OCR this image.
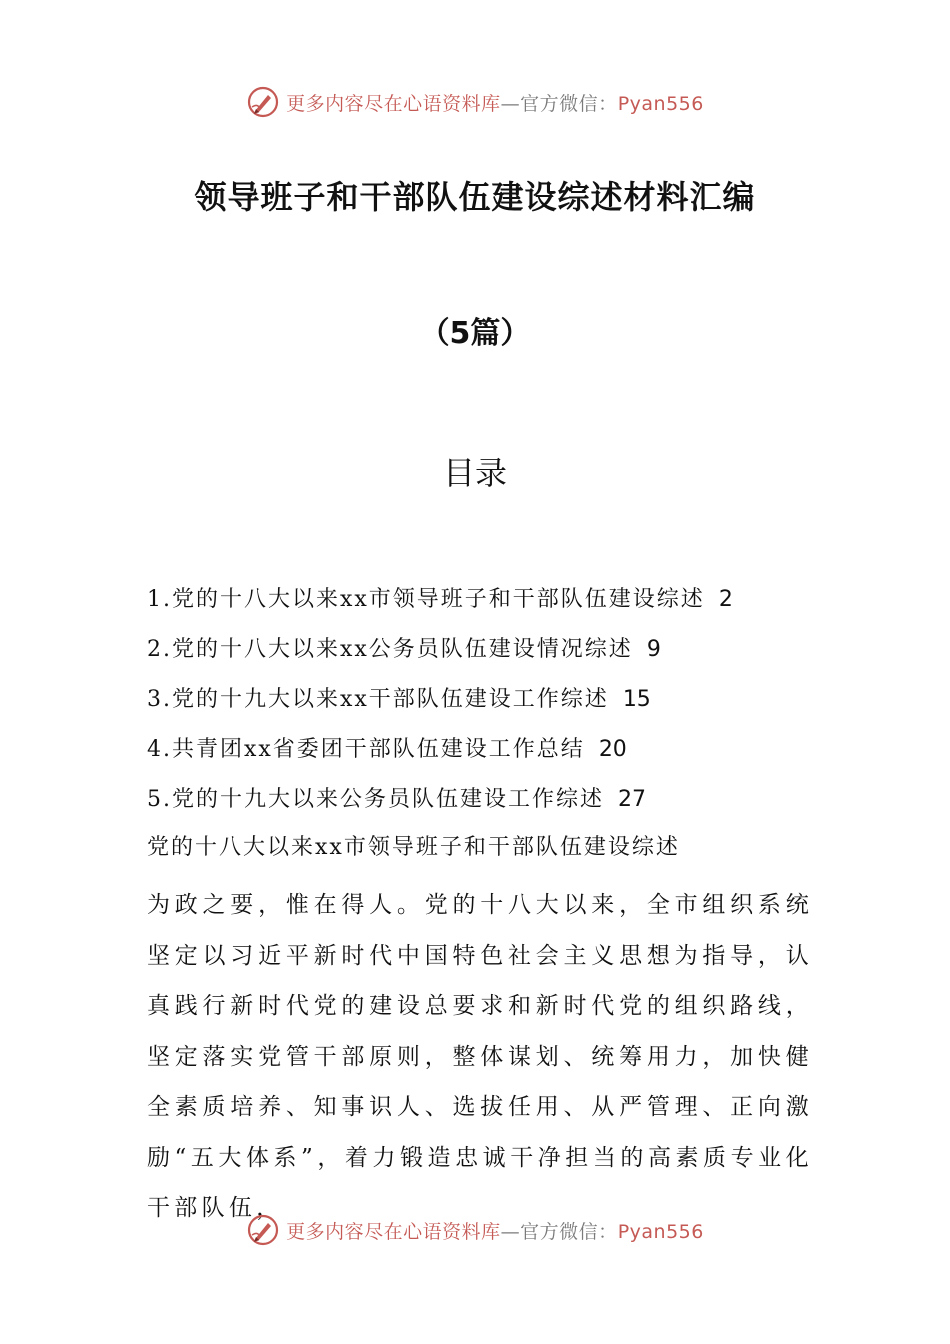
更多内容尽在心语资料库—官方微信：Pyan556
领导班子和干部队伍建设综述材料汇编
（5篇）
目录
1.党的十八大以来xx市领导班子和干部队伍建设综述 2
2.党的十八大以来xx公务员队伍建设情况综述 9
3.党的十九大以来xx干部队伍建设工作综述 15
4.共青团xx省委团干部队伍建设工作总结 20
5.党的十九大以来公务员队伍建设工作综述 27
党的十八大以来xx市领导班子和干部队伍建设综述

为政之要，惟在得人。党的十八大以来，全市组织系统坚定以习近平新时代中国特色社会主义思想为指导，认真践行新时代党的建设总要求和新时代党的组织路线，坚定落实党管干部原则，整体谋划、统筹用力，加快健全素质培养、知事识人、选拔任用、从严管理、正向激励“五大体系”，着力锻造忠诚干净担当的高素质专业化干部队伍，

更多内容尽在心语资料库—官方微信：Pyan556
